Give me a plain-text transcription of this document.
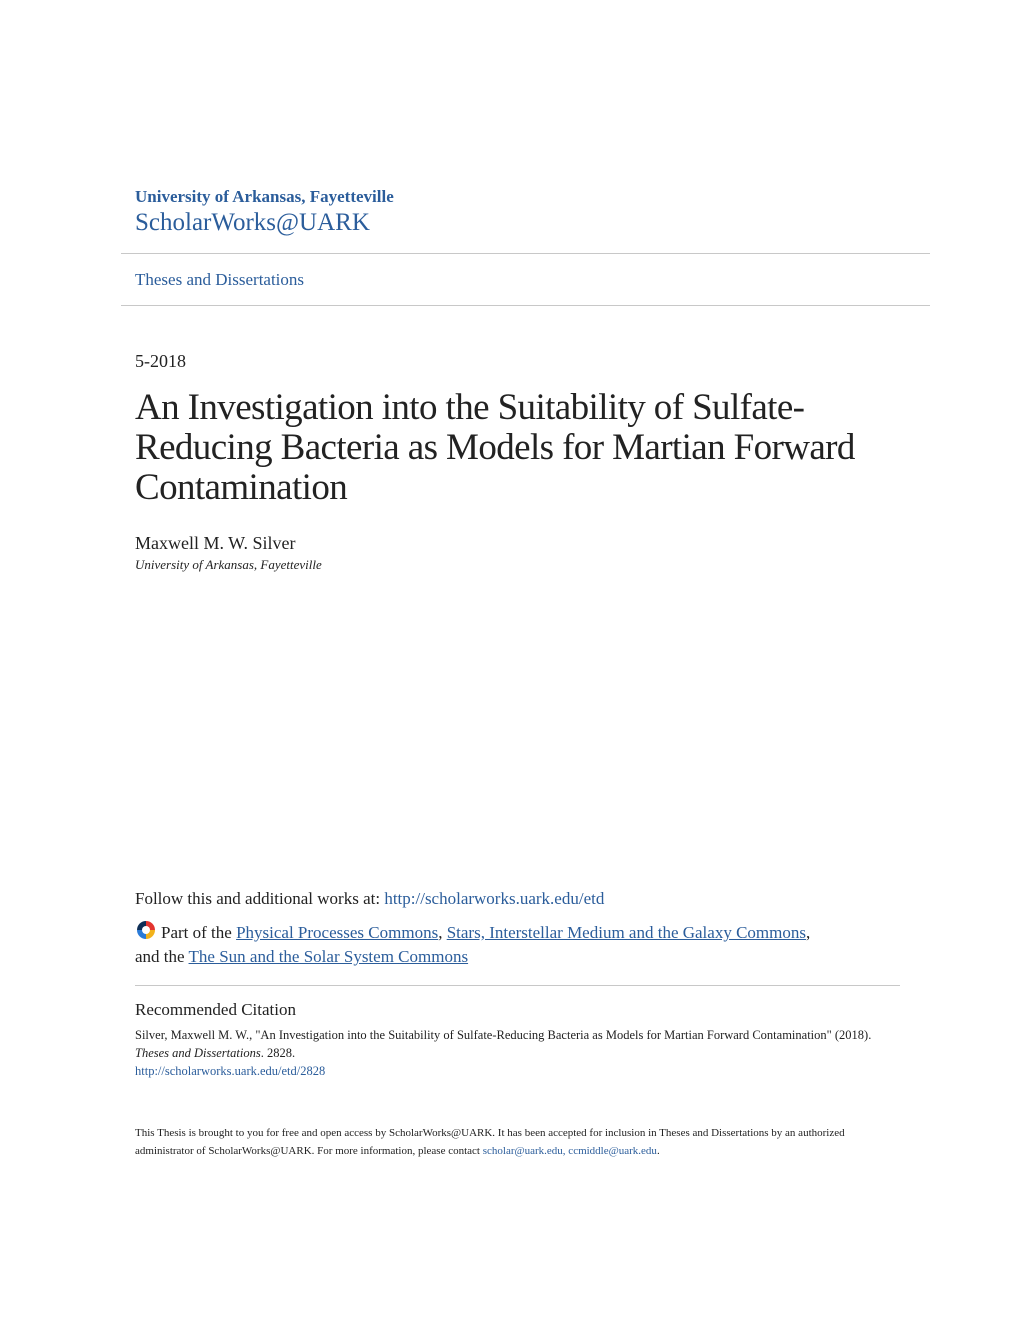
University of Arkansas, Fayetteville
ScholarWorks@UARK
Theses and Dissertations
5-2018
An Investigation into the Suitability of Sulfate-Reducing Bacteria as Models for Martian Forward Contamination
Maxwell M. W. Silver
University of Arkansas, Fayetteville
Follow this and additional works at: http://scholarworks.uark.edu/etd
Part of the Physical Processes Commons, Stars, Interstellar Medium and the Galaxy Commons,
and the The Sun and the Solar System Commons
Recommended Citation
Silver, Maxwell M. W., "An Investigation into the Suitability of Sulfate-Reducing Bacteria as Models for Martian Forward Contamination" (2018). Theses and Dissertations. 2828.
http://scholarworks.uark.edu/etd/2828
This Thesis is brought to you for free and open access by ScholarWorks@UARK. It has been accepted for inclusion in Theses and Dissertations by an authorized administrator of ScholarWorks@UARK. For more information, please contact scholar@uark.edu, ccmiddle@uark.edu.
